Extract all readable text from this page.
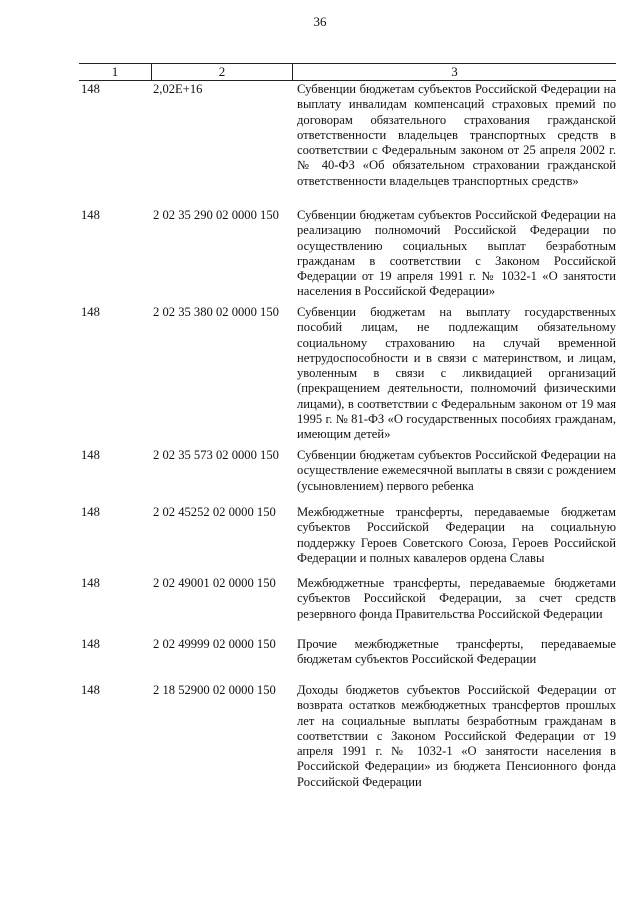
36
1	2	3
148	2,02E+16	Субвенции бюджетам субъектов Российской Федерации на выплату инвалидам компенсаций страховых премий по договорам обязательного страхования гражданской ответственности владельцев транспортных средств в соответствии с Федеральным законом от 25 апреля 2002 г. № 40-ФЗ «Об обязательном страховании гражданской ответственности владельцев транспортных средств»
148	2 02 35 290 02 0000 150	Субвенции бюджетам субъектов Российской Федерации на реализацию полномочий Российской Федерации по осуществлению социальных выплат безработным гражданам в соответствии с Законом Российской Федерации от 19 апреля 1991 г. № 1032-1 «О занятости населения в Российской Федерации»
148	2 02 35 380 02 0000 150	Субвенции бюджетам на выплату государственных пособий лицам, не подлежащим обязательному социальному страхованию на случай временной нетрудоспособности и в связи с материнством, и лицам, уволенным в связи с ликвидацией организаций (прекращением деятельности, полномочий физическими лицами), в соответствии с Федеральным законом от 19 мая 1995 г. № 81-ФЗ «О государственных пособиях гражданам, имеющим детей»
148	2 02 35 573 02 0000 150	Субвенции бюджетам субъектов Российской Федерации на осуществление ежемесячной выплаты в связи с рождением (усыновлением) первого ребенка
148	2 02 45252 02 0000 150	Межбюджетные трансферты, передаваемые бюджетам субъектов Российской Федерации на социальную поддержку Героев Советского Союза, Героев Российской Федерации и полных кавалеров ордена Славы
148	2 02 49001 02 0000 150	Межбюджетные трансферты, передаваемые бюджетами субъектов Российской Федерации, за счет средств резервного фонда Правительства Российской Федерации
148	2 02 49999 02 0000 150	Прочие межбюджетные трансферты, передаваемые бюджетам субъектов Российской Федерации
148	2 18 52900 02 0000 150	Доходы бюджетов субъектов Российской Федерации от возврата остатков межбюджетных трансфертов прошлых лет на социальные выплаты безработным гражданам в соответствии с Законом Российской Федерации от 19 апреля 1991 г. № 1032-1 «О занятости населения в Российской Федерации» из бюджета Пенсионного фонда Российской Федерации
